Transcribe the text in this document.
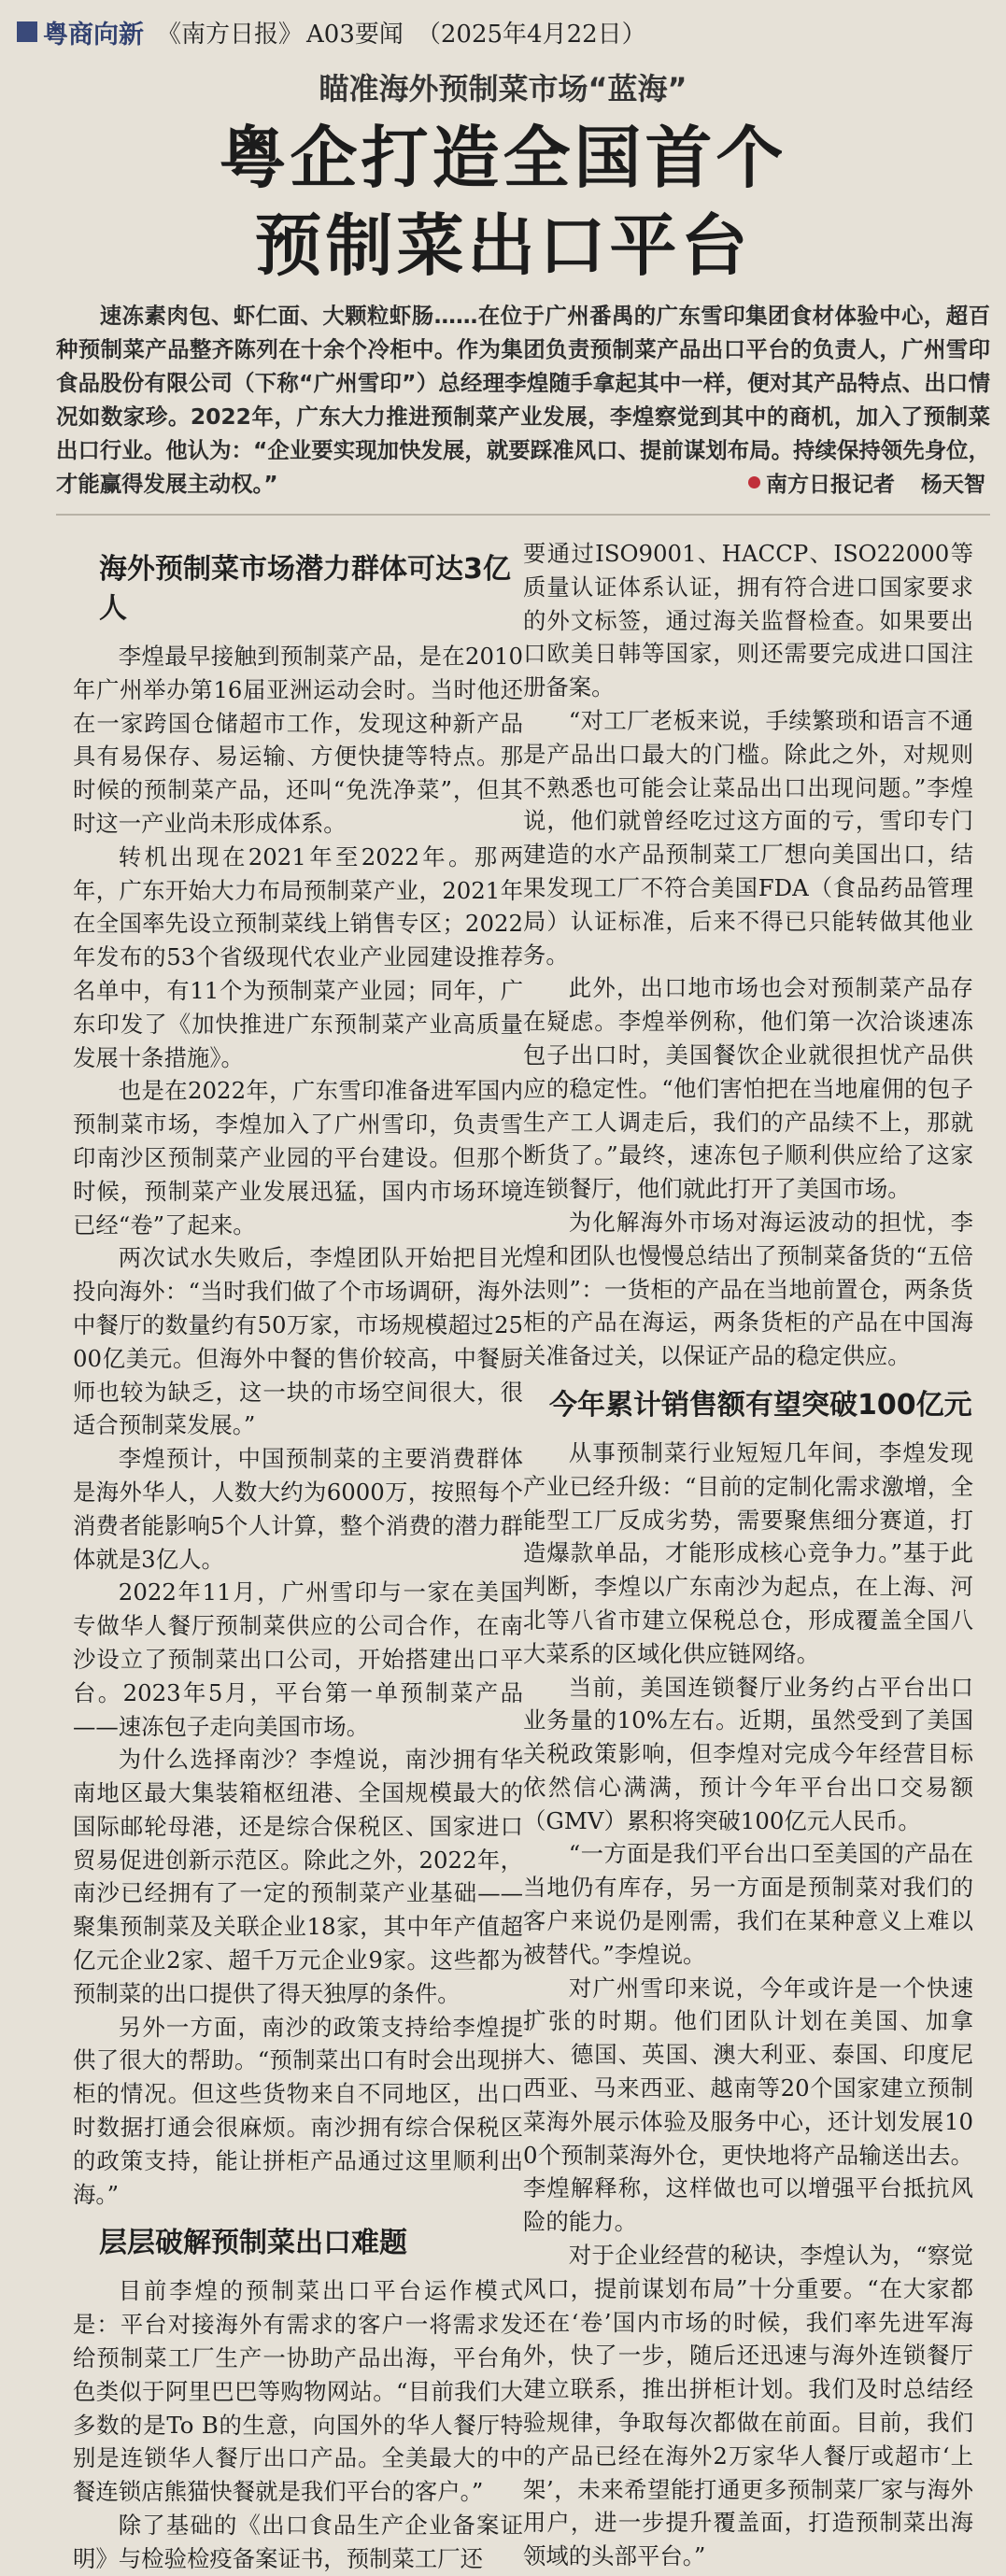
粤商向新 《南方日报》 A03要闻 （2025年4月22日）
瞄准海外预制菜市场“蓝海”
粤企打造全国首个
预制菜出口平台
速冻素肉包、虾仁面、大颗粒虾肠……在位于广州番禺的广东雪印集团食材体验中心，超百种预制菜产品整齐陈列在十余个冷柜中。作为集团负责预制菜产品出口平台的负责人，广州雪印食品股份有限公司（下称“广州雪印”）总经理李煌随手拿起其中一样，便对其产品特点、出口情况如数家珍。2022年，广东大力推进预制菜产业发展，李煌察觉到其中的商机，加入了预制菜出口行业。他认为：“企业要实现加快发展，就要踩准风口、提前谋划布局。持续保持领先身位，才能赢得发展主动权。”	南方日报记者 杨天智
海外预制菜市场潜力群体可达3亿人

李煌最早接触到预制菜产品，是在2010年广州举办第16届亚洲运动会时。当时他还在一家跨国仓储超市工作，发现这种新产品具有易保存、易运输、方便快捷等特点。那时候的预制菜产品，还叫“免洗净菜”，但其时这一产业尚未形成体系。

转机出现在2021年至2022年。那两年，广东开始大力布局预制菜产业，2021年在全国率先设立预制菜线上销售专区；2022年发布的53个省级现代农业产业园建设推荐名单中，有11个为预制菜产业园；同年，广东印发了《加快推进广东预制菜产业高质量发展十条措施》。

也是在2022年，广东雪印准备进军国内预制菜市场，李煌加入了广州雪印，负责雪印南沙区预制菜产业园的平台建设。但那个时候，预制菜产业发展迅猛，国内市场环境已经“卷”了起来。

两次试水失败后，李煌团队开始把目光投向海外：“当时我们做了个市场调研，海外中餐厅的数量约有50万家，市场规模超过2500亿美元。但海外中餐的售价较高，中餐厨师也较为缺乏，这一块的市场空间很大，很适合预制菜发展。”

李煌预计，中国预制菜的主要消费群体是海外华人，人数大约为6000万，按照每个消费者能影响5个人计算，整个消费的潜力群体就是3亿人。

2022年11月，广州雪印与一家在美国专做华人餐厅预制菜供应的公司合作，在南沙设立了预制菜出口公司，开始搭建出口平台。2023年5月，平台第一单预制菜产品——速冻包子走向美国市场。

为什么选择南沙？李煌说，南沙拥有华南地区最大集装箱枢纽港、全国规模最大的国际邮轮母港，还是综合保税区、国家进口贸易促进创新示范区。除此之外，2022年，南沙已经拥有了一定的预制菜产业基础——聚集预制菜及关联企业18家，其中年产值超亿元企业2家、超千万元企业9家。这些都为预制菜的出口提供了得天独厚的条件。

另外一方面，南沙的政策支持给李煌提供了很大的帮助。“预制菜出口有时会出现拼柜的情况。但这些货物来自不同地区，出口时数据打通会很麻烦。南沙拥有综合保税区的政策支持，能让拼柜产品通过这里顺利出海。”

层层破解预制菜出口难题

目前李煌的预制菜出口平台运作模式是：平台对接海外有需求的客户一将需求发给预制菜工厂生产一协助产品出海，平台角色类似于阿里巴巴等购物网站。“目前我们大多数的是To B的生意，向国外的华人餐厅特别是连锁华人餐厅出口产品。全美最大的中餐连锁店熊猫快餐就是我们平台的客户。”

除了基础的《出口食品生产企业备案证明》与检验检疫备案证书，预制菜工厂还

要通过ISO9001、HACCP、ISO22000等质量认证体系认证，拥有符合进口国家要求的外文标签，通过海关监督检查。如果要出口欧美日韩等国家，则还需要完成进口国注册备案。

“对工厂老板来说，手续繁琐和语言不通是产品出口最大的门槛。除此之外，对规则不熟悉也可能会让菜品出口出现问题。”李煌说，他们就曾经吃过这方面的亏，雪印专门建造的水产品预制菜工厂想向美国出口，结果发现工厂不符合美国FDA（食品药品管理局）认证标准，后来不得已只能转做其他业务。

此外，出口地市场也会对预制菜产品存在疑虑。李煌举例称，他们第一次洽谈速冻包子出口时，美国餐饮企业就很担忧产品供应的稳定性。“他们害怕把在当地雇佣的包子生产工人调走后，我们的产品续不上，那就断货了。”最终，速冻包子顺利供应给了这家连锁餐厅，他们就此打开了美国市场。

为化解海外市场对海运波动的担忧，李煌和团队也慢慢总结出了预制菜备货的“五倍法则”：一货柜的产品在当地前置仓，两条货柜的产品在海运，两条货柜的产品在中国海关准备过关，以保证产品的稳定供应。

今年累计销售额有望突破100亿元

从事预制菜行业短短几年间，李煌发现产业已经升级：“目前的定制化需求激增，全能型工厂反成劣势，需要聚焦细分赛道，打造爆款单品，才能形成核心竞争力。”基于此判断，李煌以广东南沙为起点，在上海、河北等八省市建立保税总仓，形成覆盖全国八大菜系的区域化供应链网络。

当前，美国连锁餐厅业务约占平台出口业务量的10%左右。近期，虽然受到了美国关税政策影响，但李煌对完成今年经营目标依然信心满满，预计今年平台出口交易额（GMV）累积将突破100亿元人民币。

“一方面是我们平台出口至美国的产品在当地仍有库存，另一方面是预制菜对我们的客户来说仍是刚需，我们在某种意义上难以被替代。”李煌说。

对广州雪印来说，今年或许是一个快速扩张的时期。他们团队计划在美国、加拿大、德国、英国、澳大利亚、泰国、印度尼西亚、马来西亚、越南等20个国家建立预制菜海外展示体验及服务中心，还计划发展100个预制菜海外仓，更快地将产品输送出去。李煌解释称，这样做也可以增强平台抵抗风险的能力。

对于企业经营的秘诀，李煌认为，“察觉风口，提前谋划布局”十分重要。“在大家都还在‘卷’国内市场的时候，我们率先进军海外，快了一步，随后还迅速与海外连锁餐厅建立联系，推出拼柜计划。我们及时总结经验规律，争取每次都做在前面。目前，我们的产品已经在海外2万家华人餐厅或超市‘上架’，未来希望能打通更多预制菜厂家与海外用户，进一步提升覆盖面，打造预制菜出海领域的头部平台。”
